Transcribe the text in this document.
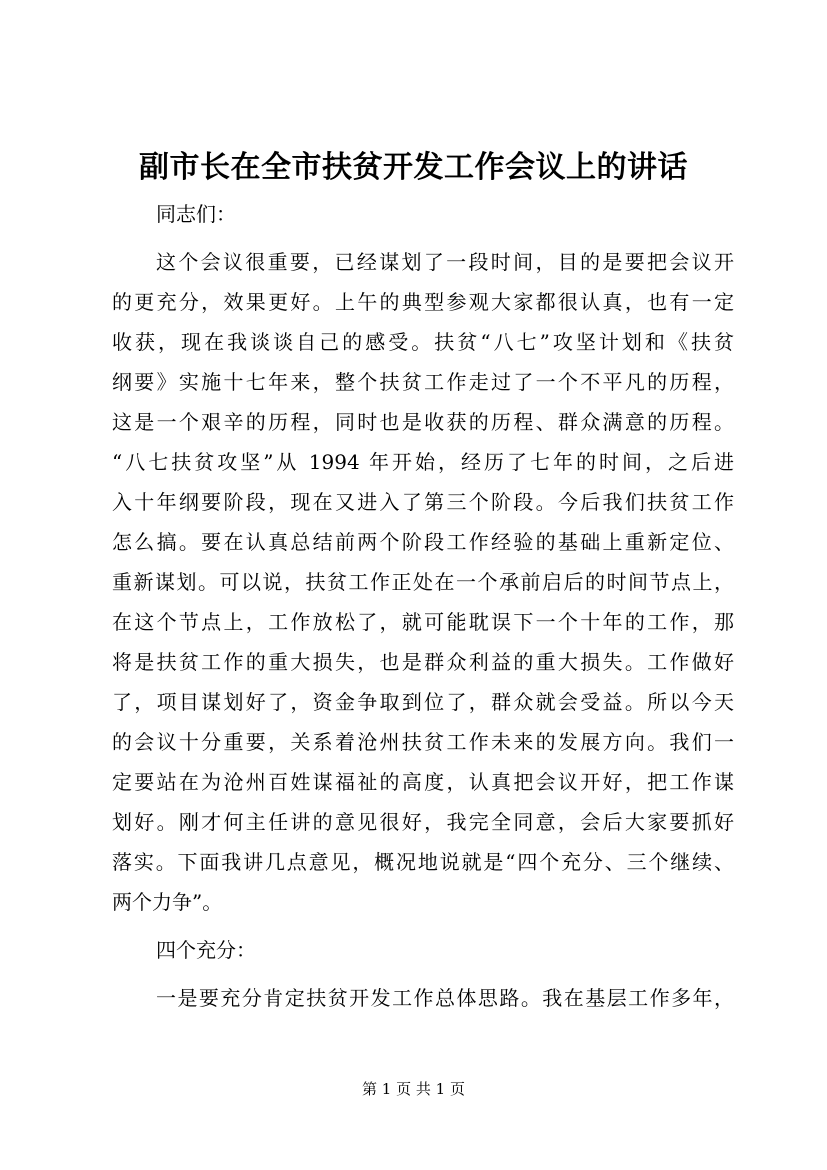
副市长在全市扶贫开发工作会议上的讲话
同志们：
这个会议很重要，已经谋划了一段时间，目的是要把会议开
的更充分，效果更好。上午的典型参观大家都很认真，也有一定
收获，现在我谈谈自己的感受。扶贫“八七”攻坚计划和《扶贫
纲要》实施十七年来，整个扶贫工作走过了一个不平凡的历程，
这是一个艰辛的历程，同时也是收获的历程、群众满意的历程。
“八七扶贫攻坚”从 1994 年开始，经历了七年的时间，之后进
入十年纲要阶段，现在又进入了第三个阶段。今后我们扶贫工作
怎么搞。要在认真总结前两个阶段工作经验的基础上重新定位、
重新谋划。可以说，扶贫工作正处在一个承前启后的时间节点上，
在这个节点上，工作放松了，就可能耽误下一个十年的工作，那
将是扶贫工作的重大损失，也是群众利益的重大损失。工作做好
了，项目谋划好了，资金争取到位了，群众就会受益。所以今天
的会议十分重要，关系着沧州扶贫工作未来的发展方向。我们一
定要站在为沧州百姓谋福祉的高度，认真把会议开好，把工作谋
划好。刚才何主任讲的意见很好，我完全同意，会后大家要抓好
落实。下面我讲几点意见，概况地说就是“四个充分、三个继续、
两个力争”。
四个充分：
一是要充分肯定扶贫开发工作总体思路。我在基层工作多年，
第 1 页 共 1 页
